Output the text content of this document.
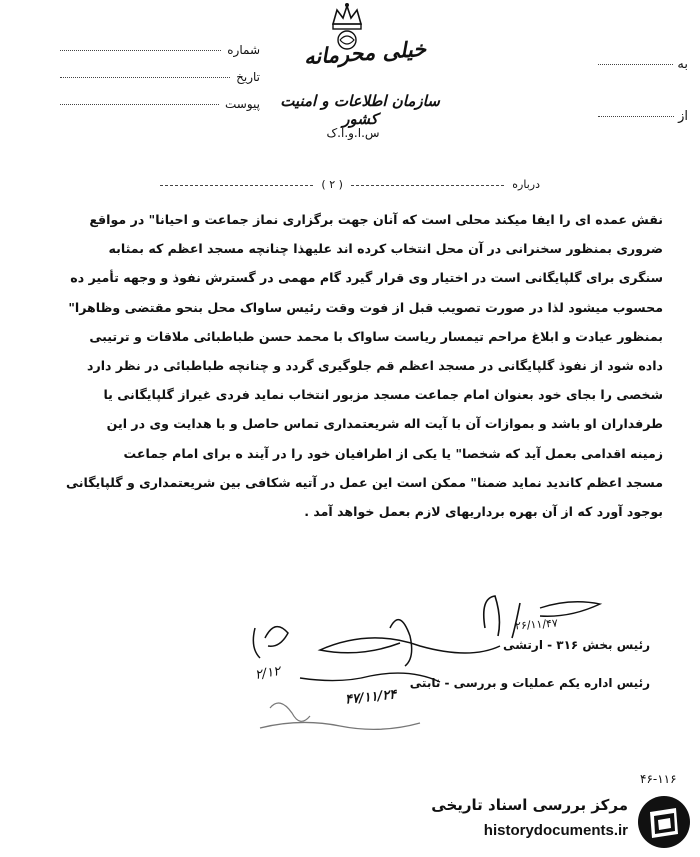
به
از
شماره
تاریخ
پیوست
خیلی محرمانه
سازمان اطلاعات و امنیت کشور
س.ا.و.ا.ک
درباره
( ۲ )

نقش عمده ای را ایفا میکند محلی است که آنان جهت برگزاری نماز جماعت و احیانا" در مواقع

ضروری بمنظور سخنرانی در آن محل انتخاب کرده اند علیهذا چنانچه مسجد اعظم که بمثابه

سنگری برای گلپایگانی است در اختیار وی قرار گیرد گام مهمی در گسترش نفوذ و وجهه تأمیر ده

محسوب میشود لذا در صورت تصویب قبل از فوت وقت رئیس ساواک محل بنحو مقتضی وظاهرا"

بمنظور عیادت و ابلاغ مراحم تیمسار ریاست ساواک با محمد حسن طباطبائی ملاقات و ترتیبی

داده شود از نفوذ گلپایگانی در مسجد اعظم قم جلوگیری گردد و چنانچه طباطبائی در نظر دارد

شخصی را بجای خود بعنوان امام جماعت مسجد مزبور انتخاب نماید فردی غیراز گلپایگانی یا

طرفداران او باشد و بموازات آن با آیت اله شریعتمداری تماس حاصل و با هدایت وی در این

زمینه اقدامی بعمل آید که شخصا" یا یکی از اطرافیان خود را در آیند ه برای امام جماعت

مسجد اعظم کاندید نماید ضمنا" ممکن است این عمل در آتیه شکافی بین شریعتمداری و گلپایگانی

بوجود آورد که از آن بهره برداریهای لازم بعمل خواهد آمد .

۲۶/۱۱/۴۷
رئیس بخش ۳۱۶ - ارتشی
۲/۱۲	رئیس اداره یکم عملیات و بررسی - ثابتی
۴۷/۱۱/۲۴
۴۶-۱۱۶
مرکز بررسی اسناد تاریخی
historydocuments.ir
